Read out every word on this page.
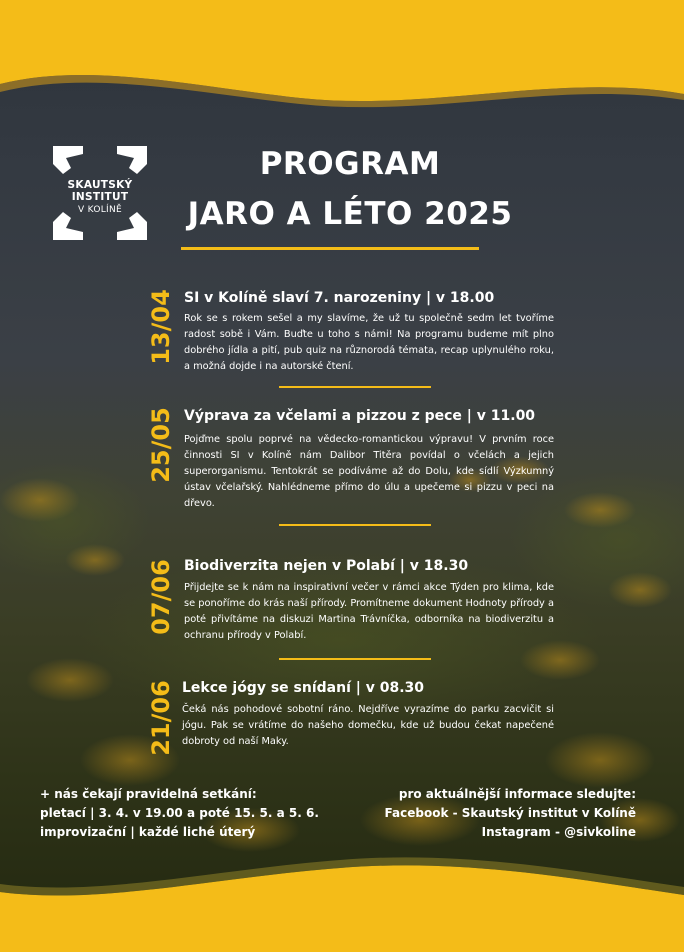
SKAUTSKÝ
INSTITUT
V KOLÍNĚ
PROGRAM
JARO A LÉTO 2025
13/04 SI v Kolíně slaví 7. narozeniny | v 18.00
Rok se s rokem sešel a my slavíme, že už tu společně sedm let tvoříme radost sobě i Vám. Buďte u toho s námi! Na programu budeme mít plno dobrého jídla a pití, pub quiz na různorodá témata, recap uplynulého roku, a možná dojde i na autorské čtení.
25/05 Výprava za včelami a pizzou z pece | v 11.00
Pojďme spolu poprvé na vědecko-romantickou výpravu! V prvním roce činnosti SI v Kolíně nám Dalibor Titěra povídal o včelách a jejich superorganismu. Tentokrát se podíváme až do Dolu, kde sídlí Výzkumný ústav včelařský. Nahlédneme přímo do úlu a upečeme si pizzu v peci na dřevo.
07/06 Biodiverzita nejen v Polabí | v 18.30
Přijdejte se k nám na inspirativní večer v rámci akce Týden pro klima, kde se ponoříme do krás naší přírody. Promítneme dokument Hodnoty přírody a poté přivítáme na diskuzi Martina Trávníčka, odborníka na biodiverzitu a ochranu přírody v Polabí.
21/06 Lekce jógy se snídaní | v 08.30
Čeká nás pohodové sobotní ráno. Nejdříve vyrazíme do parku zacvičit si jógu. Pak se vrátíme do našeho domečku, kde už budou čekat napečené dobroty od naší Maky.
+ nás čekají pravidelná setkání:
pletací | 3. 4. v 19.00 a poté 15. 5. a 5. 6.
improvizační | každé liché úterý
pro aktuálnější informace sledujte:
Facebook - Skautský institut v Kolíně
Instagram - @sivkoline
